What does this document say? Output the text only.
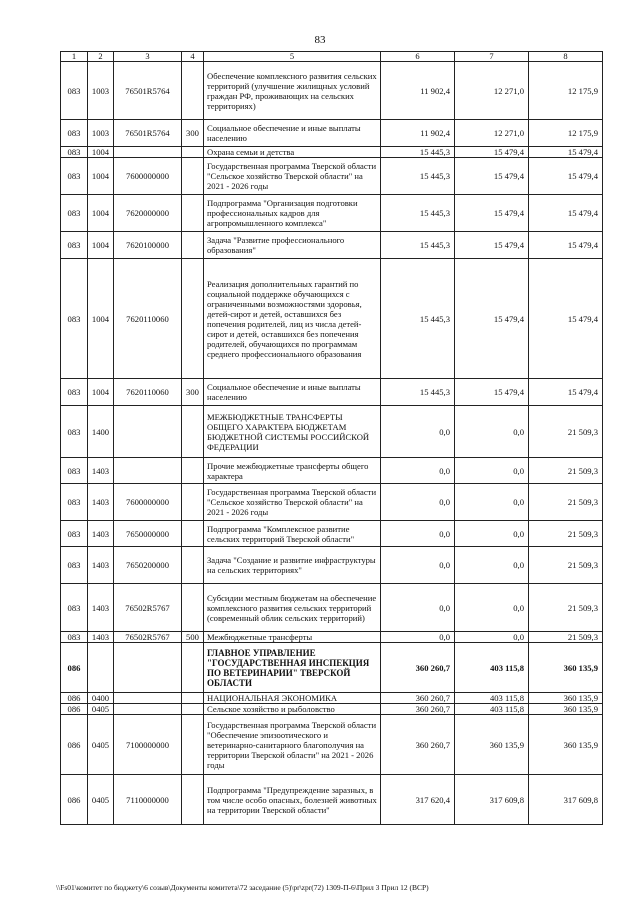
83
1	2	3	4	5	6	7	8
083	1003	76501R5764		Обеспечение комплексного развития сельских территорий (улучшение жилищных условий граждан РФ, проживающих на сельских территориях)	11 902,4	12 271,0	12 175,9
083	1003	76501R5764	300	Социальное обеспечение и иные выплаты населению	11 902,4	12 271,0	12 175,9
083	1004			Охрана семьи и детства	15 445,3	15 479,4	15 479,4
083	1004	7600000000		Государственная программа Тверской области "Сельское хозяйство Тверской области" на 2021 - 2026 годы	15 445,3	15 479,4	15 479,4
083	1004	7620000000		Подпрограмма "Организация подготовки профессиональных кадров для агропромышленного комплекса"	15 445,3	15 479,4	15 479,4
083	1004	7620100000		Задача "Развитие профессионального образования"	15 445,3	15 479,4	15 479,4
083	1004	7620110060		Реализация дополнительных гарантий по социальной поддержке обучающихся с ограниченными возможностями здоровья, детей-сирот и детей, оставшихся без попечения родителей, лиц из числа детей-сирот и детей, оставшихся без попечения родителей, обучающихся по программам среднего профессионального образования	15 445,3	15 479,4	15 479,4
083	1004	7620110060	300	Социальное обеспечение и иные выплаты населению	15 445,3	15 479,4	15 479,4
083	1400			МЕЖБЮДЖЕТНЫЕ ТРАНСФЕРТЫ ОБЩЕГО ХАРАКТЕРА БЮДЖЕТАМ БЮДЖЕТНОЙ СИСТЕМЫ РОССИЙСКОЙ ФЕДЕРАЦИИ	0,0	0,0	21 509,3
083	1403			Прочие межбюджетные трансферты общего характера	0,0	0,0	21 509,3
083	1403	7600000000		Государственная программа Тверской области "Сельское хозяйство Тверской области" на 2021 - 2026 годы	0,0	0,0	21 509,3
083	1403	7650000000		Подпрограмма "Комплексное развитие сельских территорий Тверской области"	0,0	0,0	21 509,3
083	1403	7650200000		Задача "Создание и развитие инфраструктуры на сельских территориях"	0,0	0,0	21 509,3
083	1403	76502R5767		Субсидии местным бюджетам на обеспечение комплексного развития сельских территорий (современный облик сельских территорий)	0,0	0,0	21 509,3
083	1403	76502R5767	500	Межбюджетные трансферты	0,0	0,0	21 509,3
086				ГЛАВНОЕ УПРАВЛЕНИЕ "ГОСУДАРСТВЕННАЯ ИНСПЕКЦИЯ ПО ВЕТЕРИНАРИИ" ТВЕРСКОЙ ОБЛАСТИ	360 260,7	403 115,8	360 135,9
086	0400			НАЦИОНАЛЬНАЯ ЭКОНОМИКА	360 260,7	403 115,8	360 135,9
086	0405			Сельское хозяйство и рыболовство	360 260,7	403 115,8	360 135,9
086	0405	7100000000		Государственная программа Тверской области "Обеспечение эпизоотического и ветеринарно-санитарного благополучия на территории Тверской области" на 2021 - 2026 годы	360 260,7	360 135,9	360 135,9
086	0405	7110000000		Подпрограмма "Предупреждение заразных, в том числе особо опасных, болезней животных на территории Тверской области"	317 620,4	317 609,8	317 609,8
\\Fs01\комитет по бюджету\6 созыв\Документы комитета\72 заседание (5)\pr\zpr(72) 1309-П-6\Прил 3 Прил 12 (ВСР)
